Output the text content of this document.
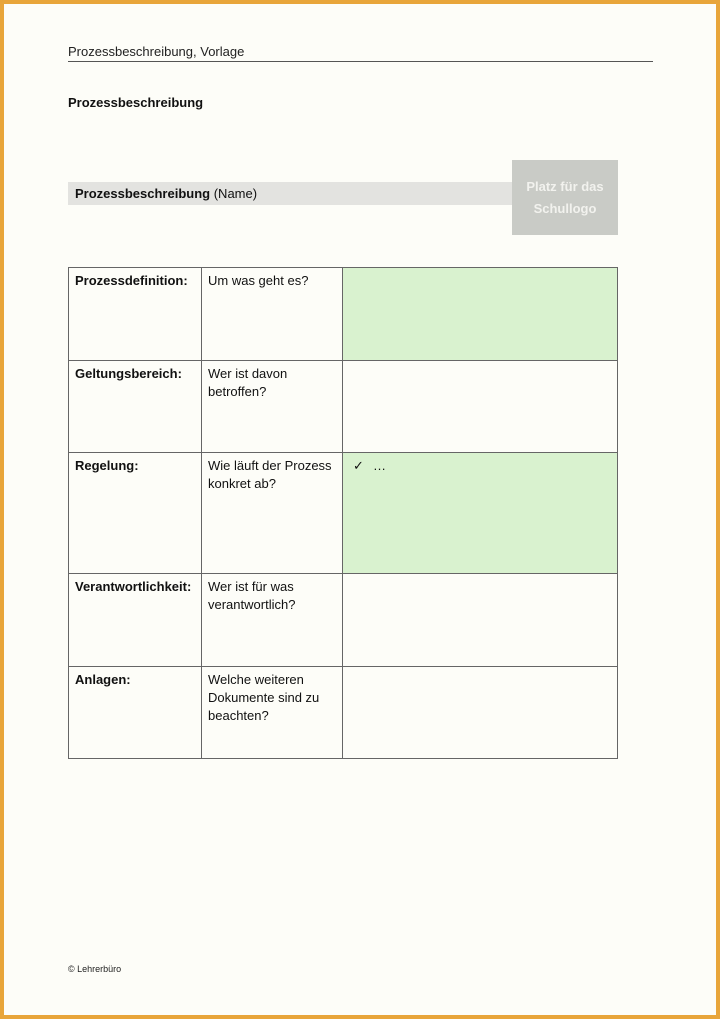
Prozessbeschreibung, Vorlage
Prozessbeschreibung
Prozessbeschreibung (Name)	Platz für das Schullogo
Prozessdefinition:	Um was geht es?	
Geltungsbereich:	Wer ist davon betroffen?	
Regelung:	Wie läuft der Prozess konkret ab?	✓ …

Verantwortlichkeit:	Wer ist für was verantwortlich?	
Anlagen:	Welche weiteren Dokumente sind zu beachten?	
© Lehrerbüro
